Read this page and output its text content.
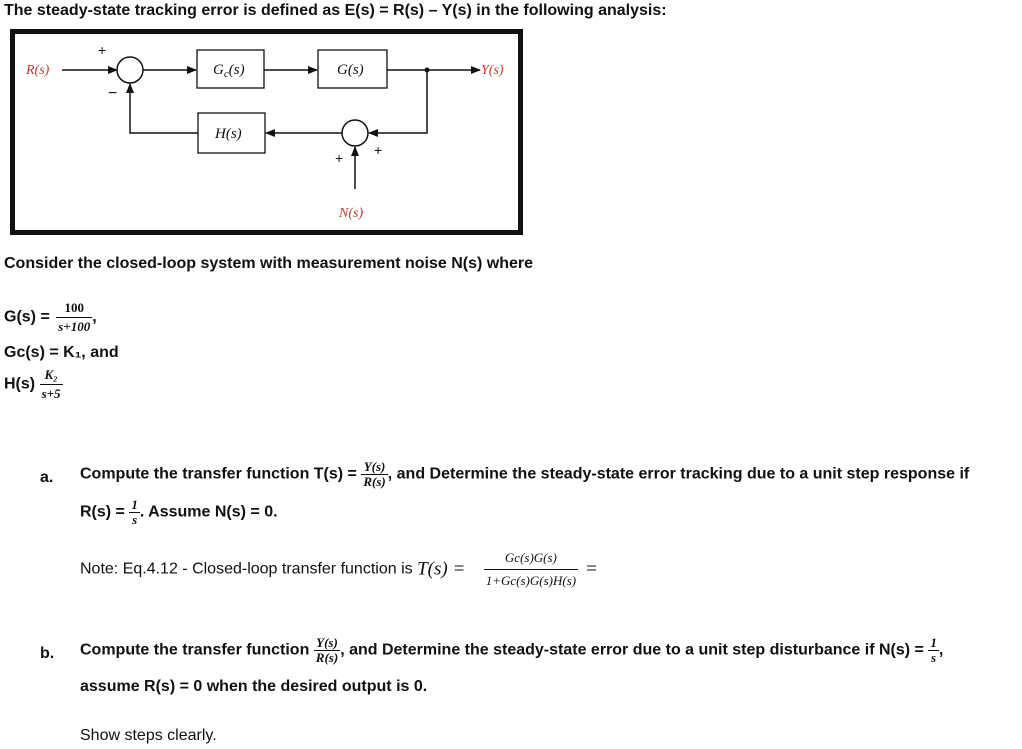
The steady-state tracking error is defined as E(s) = R(s) – Y(s) in the following analysis:
R(s)
+
−
$G_c(s)$	G(s)	Y(s)
+
+
N(s)
H(s)
Consider the closed-loop system with measurement noise N(s) where
$G(s) = \frac{100}{s+100}$ ,
Gc(s) = K₁, and
$H(s) \frac{\text{K₂}}{s+5}$
a. Compute the transfer function $T(s) = \frac{Y(s)}{R(s)}$ , and Determine the steady-state error tracking due to a unit step response if
$R(s) = \frac{1}{s}$ . Assume N(s) = 0.
Note: Eq.4.12 - Closed-loop transfer function is $T(s) = \frac{Gc(s)G(s)}{1+Gc(s)G(s)H(s)}$ =
b. Compute the transfer function $\frac{Y(s)}{R(s)}$ , and Determine the steady-state error due to a unit step disturbance if $N(s) = \frac{1}{s}$ ,
assume R(s) = 0 when the desired output is 0.
Show steps clearly.
